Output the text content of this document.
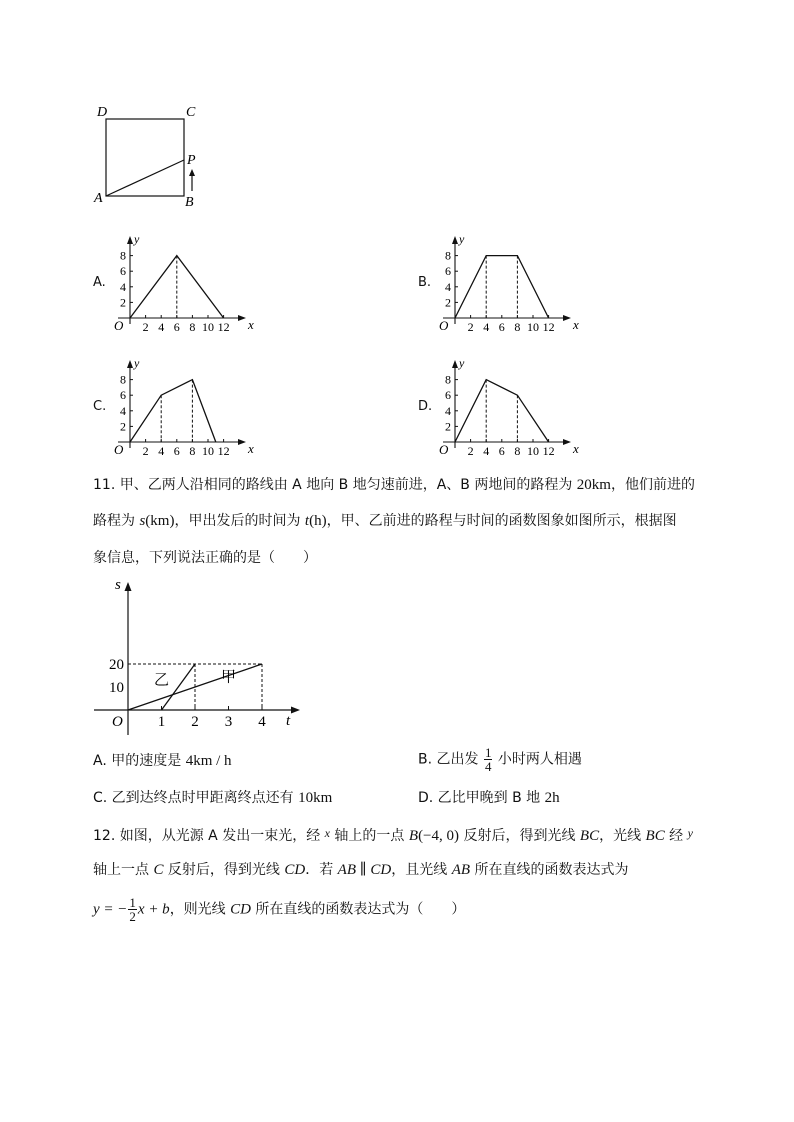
D	C
P
A	B
A.
y
x
O 2 4 6 8 10 12
2
4
6
8
B.
y
x
O 2 4 6 8 10 12
2
4
6
8
C.
y
x
O 2 4 6 8 10 12
2
4
6
8
D.
y
x
O 2 4 6 8 10 12
2
4
6
8
11. 甲、乙两人沿相同的路线由 A 地向 B 地匀速前进，A、B 两地间的路程为 20km，他们前进的
路程为 s(km)，甲出发后的时间为 t(h)，甲、乙前进的路程与时间的函数图象如图所示，根据图
象信息，下列说法正确的是（　　）
s
t
O 1 2 3 4
10
20
乙	甲
A. 甲的速度是 4km / h	B. 乙出发 $\frac{1}{4}$ 小时两人相遇
C. 乙到达终点时甲距离终点还有 10km	D. 乙比甲晚到 B 地 2h
12. 如图，从光源 A 发出一束光，经 x 轴上的一点 B(−4, 0) 反射后，得到光线 BC，光线 BC 经 y
轴上一点 C 反射后，得到光线 CD．若 AB ∥ CD，且光线 AB 所在直线的函数表达式为
y = − $\frac{1}{2}$ x + b，则光线 CD 所在直线的函数表达式为（　　）
